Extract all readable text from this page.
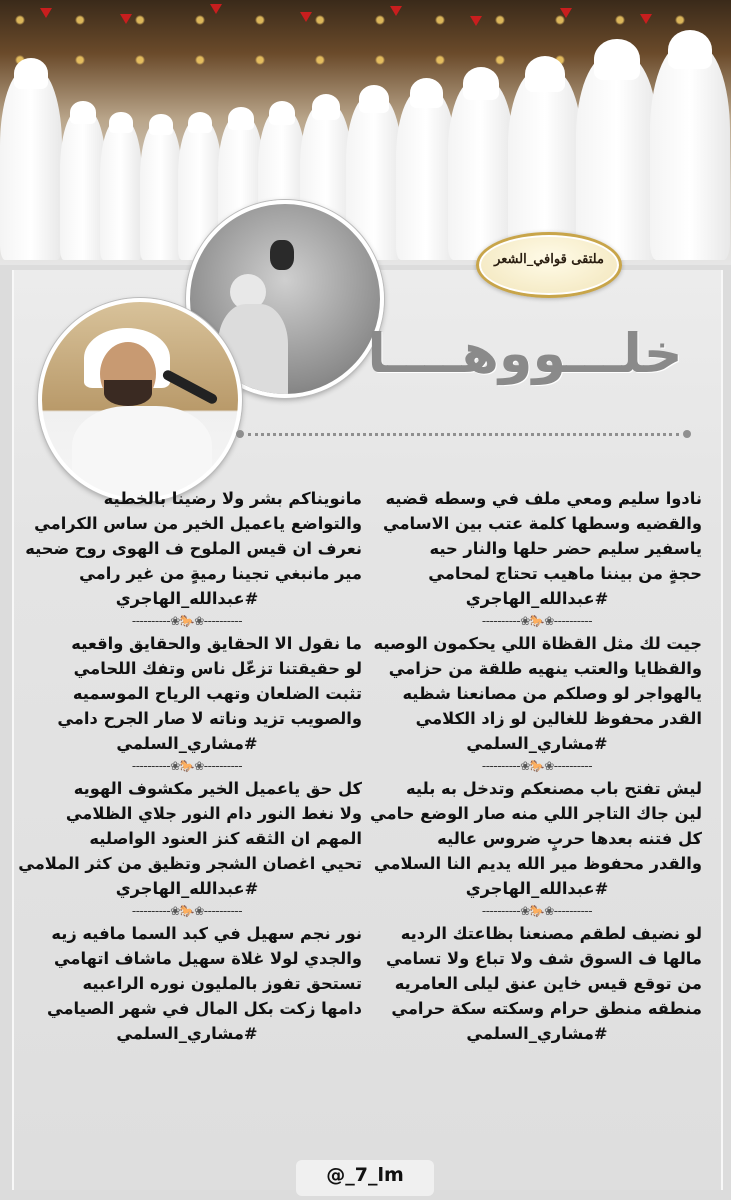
ملتقى قوافي_الشعر
خلـــووهــــا
نادوا سليم ومعي ملف في وسطه قضيه
والقضيه وسطها كلمة عتب بين الاسامي
ياسفير سليم حضر حلها والنار حيه
حجةٍ من بيننا ماهيب تحتاج لمحامي
#عبدالله_الهاجري
----------❀🐎❀----------
جيت لك مثل القظاة اللي يحكمون الوصيه
والقظايا والعتب ينهيه طلقة من حزامي
يالهواجر لو وصلكم من مصانعنا شظيه
القدر محفوظ للغالين لو زاد الكلامي
#مشاري_السلمي
----------❀🐎❀----------
ليش تفتح باب مصنعكم وتدخل به بليه
لين جاك التاجر اللي منه صار الوضع حامي
كل فتنه بعدها حربٍ ضروس عاليه
والقدر محفوظ مير الله يديم النا السلامي
#عبدالله_الهاجري
----------❀🐎❀----------
لو نضيف لطقم مصنعنا بظاعتك الرديه
مالها ف السوق شف ولا تباع ولا تسامي
من توقع قيس خاين عنق ليلى العامريه
منطقه منطق حرام وسكته سكة حرامي
#مشاري_السلمي
مانويناكم بشر ولا رضينا بالخطيه
والتواضع ياعميل الخير من ساس الكرامي
نعرف ان قيس الملوح ف الهوى روح ضحيه
مير مانبغي تجينا رميةٍ من غير رامي
#عبدالله_الهاجري
----------❀🐎❀----------
ما نقول الا الحقايق والحقايق واقعيه
لو حقيقتنا تزعّل ناس وتفك اللحامي
تثبت الضلعان وتهب الرياح الموسميه
والصويب تزيد وناته لا صار الجرح دامي
#مشاري_السلمي
----------❀🐎❀----------
كل حق ياعميل الخير مكشوف الهويه
ولا نغط النور دام النور جلاي الظلامي
المهم ان الثقه كنز العنود الواصليه
تحيي اغصان الشجر وتظيق من كثر الملامي
#عبدالله_الهاجري
----------❀🐎❀----------
نور نجم سهيل في كبد السما مافيه زيه
والجدي لولا غلاة سهيل ماشاف اتهامي
تستحق تفوز بالمليون نوره الراعبيه
دامها زكت بكل المال في شهر الصيامي
#مشاري_السلمي
@_7_lm
